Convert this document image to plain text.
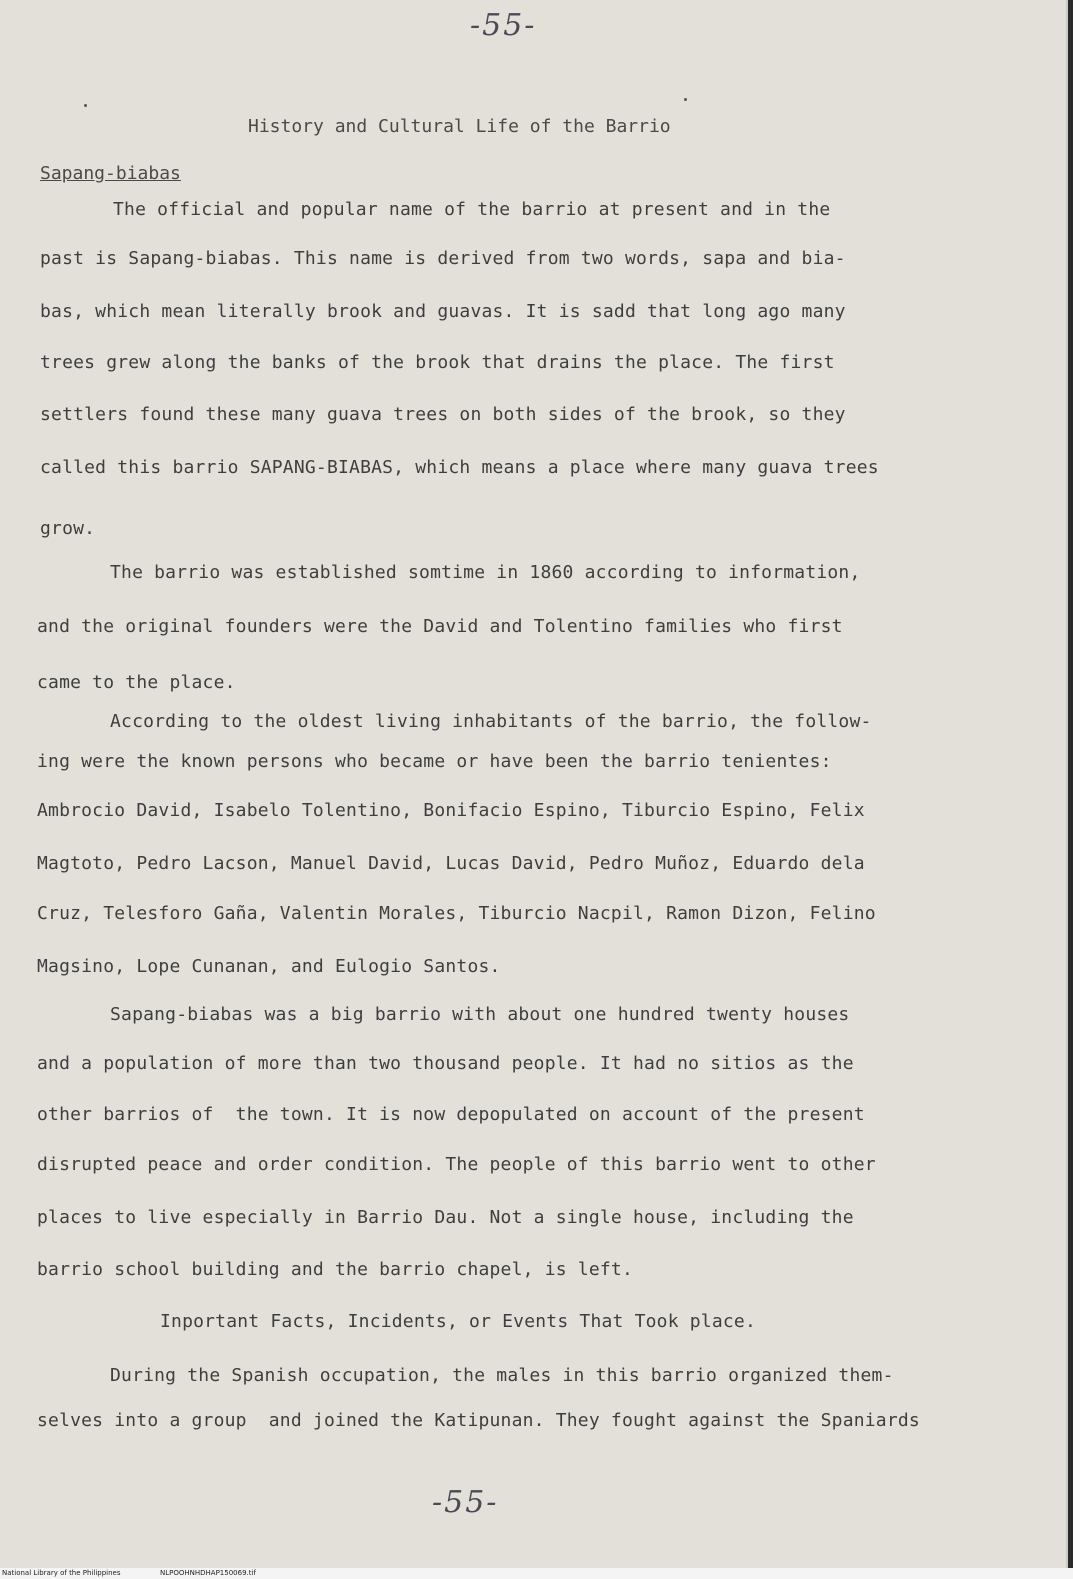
-55-
History and Cultural Life of the Barrio
Sapang-biabas
The official and popular name of the barrio at present and in the
past is Sapang-biabas. This name is derived from two words, sapa and bia-
bas, which mean literally brook and guavas. It is sadd that long ago many
trees grew along the banks of the brook that drains the place. The first
settlers found these many guava trees on both sides of the brook, so they
called this barrio SAPANG-BIABAS, which means a place where many guava trees
grow.
The barrio was established somtime in 1860 according to information,
and the original founders were the David and Tolentino families who first
came to the place.
According to the oldest living inhabitants of the barrio, the follow-
ing were the known persons who became or have been the barrio tenientes:
Ambrocio David, Isabelo Tolentino, Bonifacio Espino, Tiburcio Espino, Felix
Magtoto, Pedro Lacson, Manuel David, Lucas David, Pedro Muñoz, Eduardo dela
Cruz, Telesforo Gaña, Valentin Morales, Tiburcio Nacpil, Ramon Dizon, Felino
Magsino, Lope Cunanan, and Eulogio Santos.
Sapang-biabas was a big barrio with about one hundred twenty houses
and a population of more than two thousand people. It had no sitios as the
other barrios of  the town. It is now depopulated on account of the present
disrupted peace and order condition. The people of this barrio went to other
places to live especially in Barrio Dau. Not a single house, including the
barrio school building and the barrio chapel, is left.
Inportant Facts, Incidents, or Events That Took place.
During the Spanish occupation, the males in this barrio organized them-
selves into a group  and joined the Katipunan. They fought against the Spaniards
-55-
National Library of the Philippines	NLPOOHNHDHAP150069.tif
